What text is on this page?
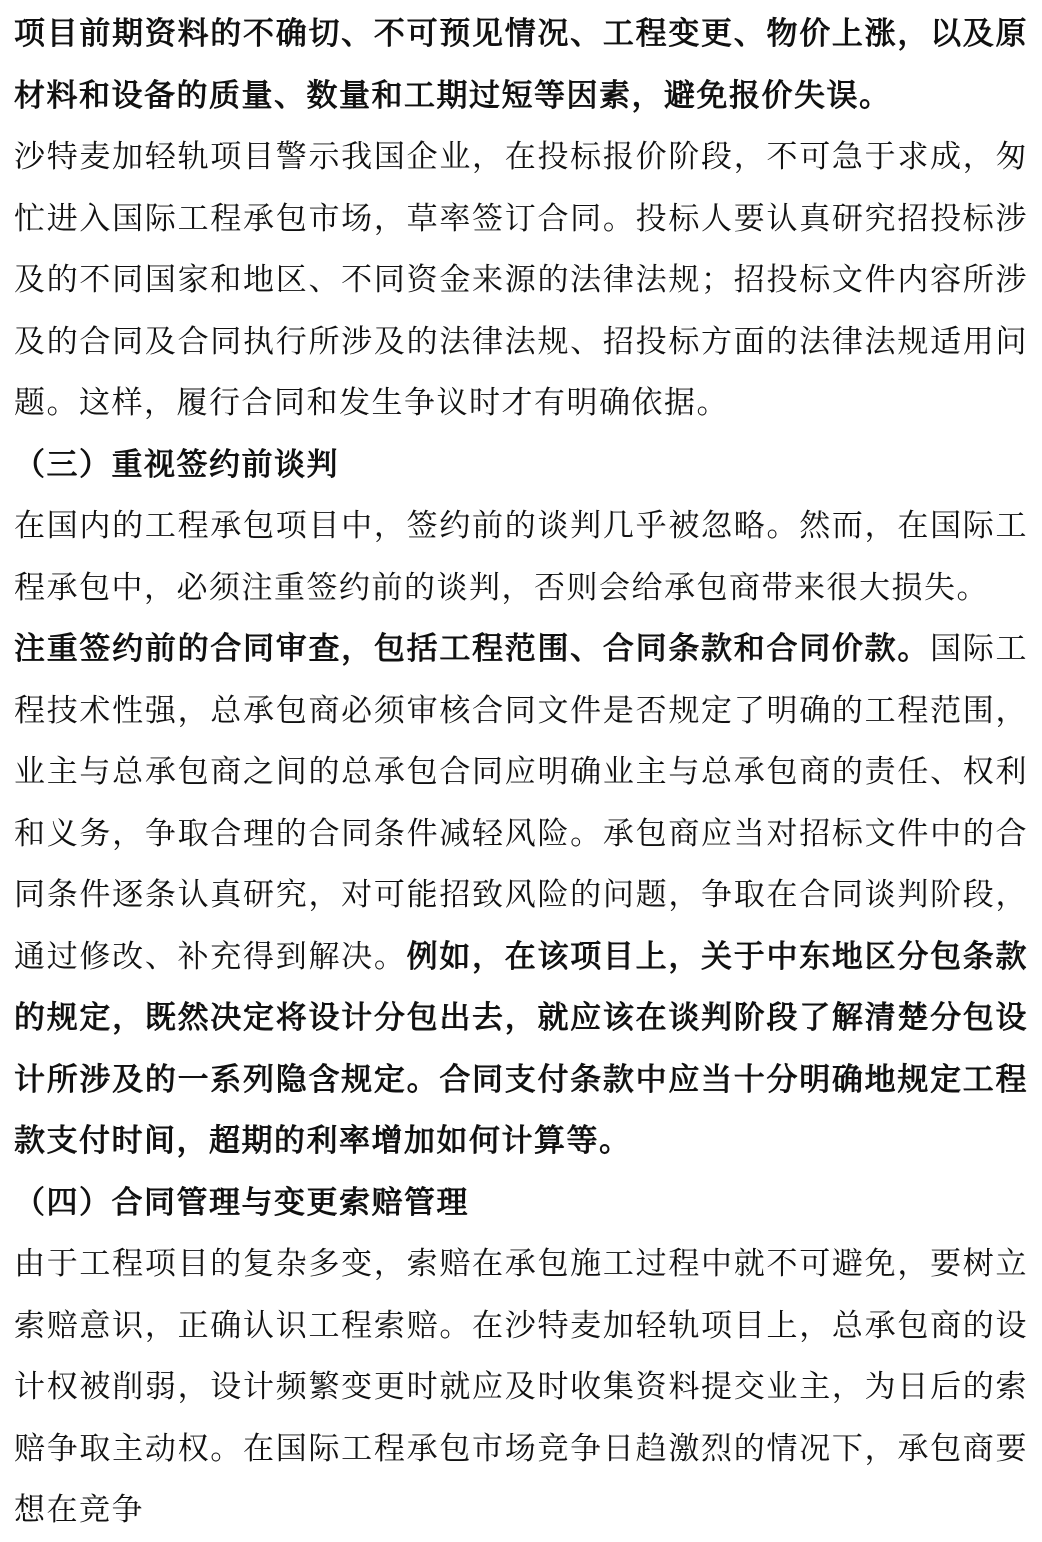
项目前期资料的不确切、不可预见情况、工程变更、物价上涨，以及原材料和设备的质量、数量和工期过短等因素，避免报价失误。

沙特麦加轻轨项目警示我国企业，在投标报价阶段，不可急于求成，匆忙进入国际工程承包市场，草率签订合同。投标人要认真研究招投标涉及的不同国家和地区、不同资金来源的法律法规；招投标文件内容所涉及的合同及合同执行所涉及的法律法规、招投标方面的法律法规适用问题。这样，履行合同和发生争议时才有明确依据。

（三）重视签约前谈判

在国内的工程承包项目中，签约前的谈判几乎被忽略。然而，在国际工程承包中，必须注重签约前的谈判，否则会给承包商带来很大损失。

注重签约前的合同审查，包括工程范围、合同条款和合同价款。国际工程技术性强，总承包商必须审核合同文件是否规定了明确的工程范围，业主与总承包商之间的总承包合同应明确业主与总承包商的责任、权利和义务，争取合理的合同条件减轻风险。承包商应当对招标文件中的合同条件逐条认真研究，对可能招致风险的问题，争取在合同谈判阶段，通过修改、补充得到解决。例如，在该项目上，关于中东地区分包条款的规定，既然决定将设计分包出去，就应该在谈判阶段了解清楚分包设计所涉及的一系列隐含规定。合同支付条款中应当十分明确地规定工程款支付时间，超期的利率增加如何计算等。

（四）合同管理与变更索赔管理

由于工程项目的复杂多变，索赔在承包施工过程中就不可避免，要树立索赔意识，正确认识工程索赔。在沙特麦加轻轨项目上，总承包商的设计权被削弱，设计频繁变更时就应及时收集资料提交业主，为日后的索赔争取主动权。在国际工程承包市场竞争日趋激烈的情况下，承包商要想在竞争
